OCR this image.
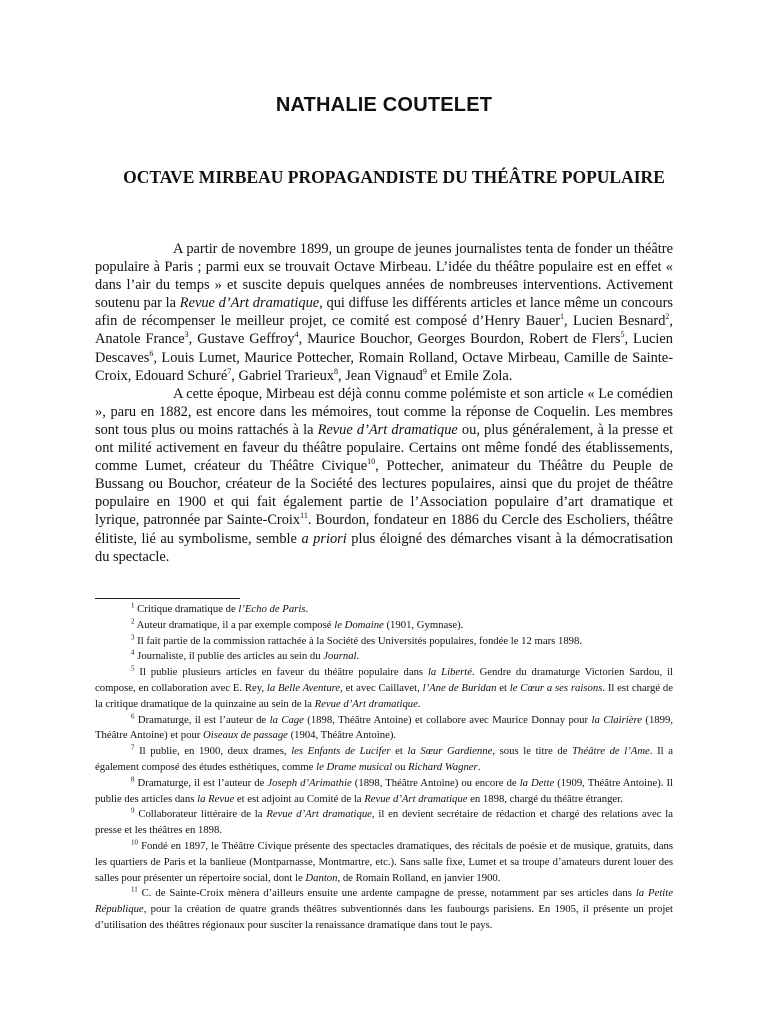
NATHALIE COUTELET
OCTAVE MIRBEAU PROPAGANDISTE DU THÉÂTRE POPULAIRE

A partir de novembre 1899, un groupe de jeunes journalistes tenta de fonder un théâtre populaire à Paris ; parmi eux se trouvait Octave Mirbeau. L’idée du théâtre populaire est en effet « dans l’air du temps » et suscite depuis quelques années de nombreuses interventions. Activement soutenu par la Revue d’Art dramatique, qui diffuse les différents articles et lance même un concours afin de récompenser le meilleur projet, ce comité est composé d’Henry Bauer$^1$, Lucien Besnard$^2$, Anatole France$^3$, Gustave Geffroy$^4$, Maurice Bouchor, Georges Bourdon, Robert de Flers$^5$, Lucien Descaves$^6$, Louis Lumet, Maurice Pottecher, Romain Rolland, Octave Mirbeau, Camille de Sainte-Croix, Edouard Schuré$^7$, Gabriel Trarieux$^8$, Jean Vignaud$^9$ et Emile Zola.

A cette époque, Mirbeau est déjà connu comme polémiste et son article « Le comédien », paru en 1882, est encore dans les mémoires, tout comme la réponse de Coquelin. Les membres sont tous plus ou moins rattachés à la Revue d’Art dramatique ou, plus généralement, à la presse et ont milité activement en faveur du théâtre populaire. Certains ont même fondé des établissements, comme Lumet, créateur du Théâtre Civique$^{10}$, Pottecher, animateur du Théâtre du Peuple de Bussang ou Bouchor, créateur de la Société des lectures populaires, ainsi que du projet de théâtre populaire en 1900 et qui fait également partie de l’Association populaire d’art dramatique et lyrique, patronnée par Sainte-Croix$^{11}$. Bourdon, fondateur en 1886 du Cercle des Escholiers, théâtre élitiste, lié au symbolisme, semble a priori plus éloigné des démarches visant à la démocratisation du spectacle.

$^1$ Critique dramatique de l’Echo de Paris.

$^2$ Auteur dramatique, il a par exemple composé le Domaine (1901, Gymnase).

$^3$ Il fait partie de la commission rattachée à la Société des Universités populaires, fondée le 12 mars 1898.

$^4$ Journaliste, il publie des articles au sein du Journal.

$^5$ Il publie plusieurs articles en faveur du théâtre populaire dans la Liberté. Gendre du dramaturge Victorien Sardou, il compose, en collaboration avec E. Rey, la Belle Aventure, et avec Caillavet, l’Ane de Buridan et le Cœur a ses raisons. Il est chargé de la critique dramatique de la quinzaine au sein de la Revue d’Art dramatique.

$^6$ Dramaturge, il est l’auteur de la Cage (1898, Théâtre Antoine) et collabore avec Maurice Donnay pour la Clairière (1899, Théâtre Antoine) et pour Oiseaux de passage (1904, Théâtre Antoine).

$^7$ Il publie, en 1900, deux drames, les Enfants de Lucifer et la Sœur Gardienne, sous le titre de Théâtre de l’Ame. Il a également composé des études esthétiques, comme le Drame musical ou Richard Wagner.

$^8$ Dramaturge, il est l’auteur de Joseph d’Arimathie (1898, Théâtre Antoine) ou encore de la Dette (1909, Théâtre Antoine). Il publie des articles dans la Revue et est adjoint au Comité de la Revue d’Art dramatique en 1898, chargé du théâtre étranger.

$^9$ Collaborateur littéraire de la Revue d’Art dramatique, il en devient secrétaire de rédaction et chargé des relations avec la presse et les théâtres en 1898.

$^{10}$ Fondé en 1897, le Théâtre Civique présente des spectacles dramatiques, des récitals de poésie et de musique, gratuits, dans les quartiers de Paris et la banlieue (Montparnasse, Montmartre, etc.). Sans salle fixe, Lumet et sa troupe d’amateurs durent louer des salles pour présenter un répertoire social, dont le Danton, de Romain Rolland, en janvier 1900.

$^{11}$ C. de Sainte-Croix mènera d’ailleurs ensuite une ardente campagne de presse, notamment par ses articles dans la Petite République, pour la création de quatre grands théâtres subventionnés dans les faubourgs parisiens. En 1905, il présente un projet d’utilisation des théâtres régionaux pour susciter la renaissance dramatique dans tout le pays.
